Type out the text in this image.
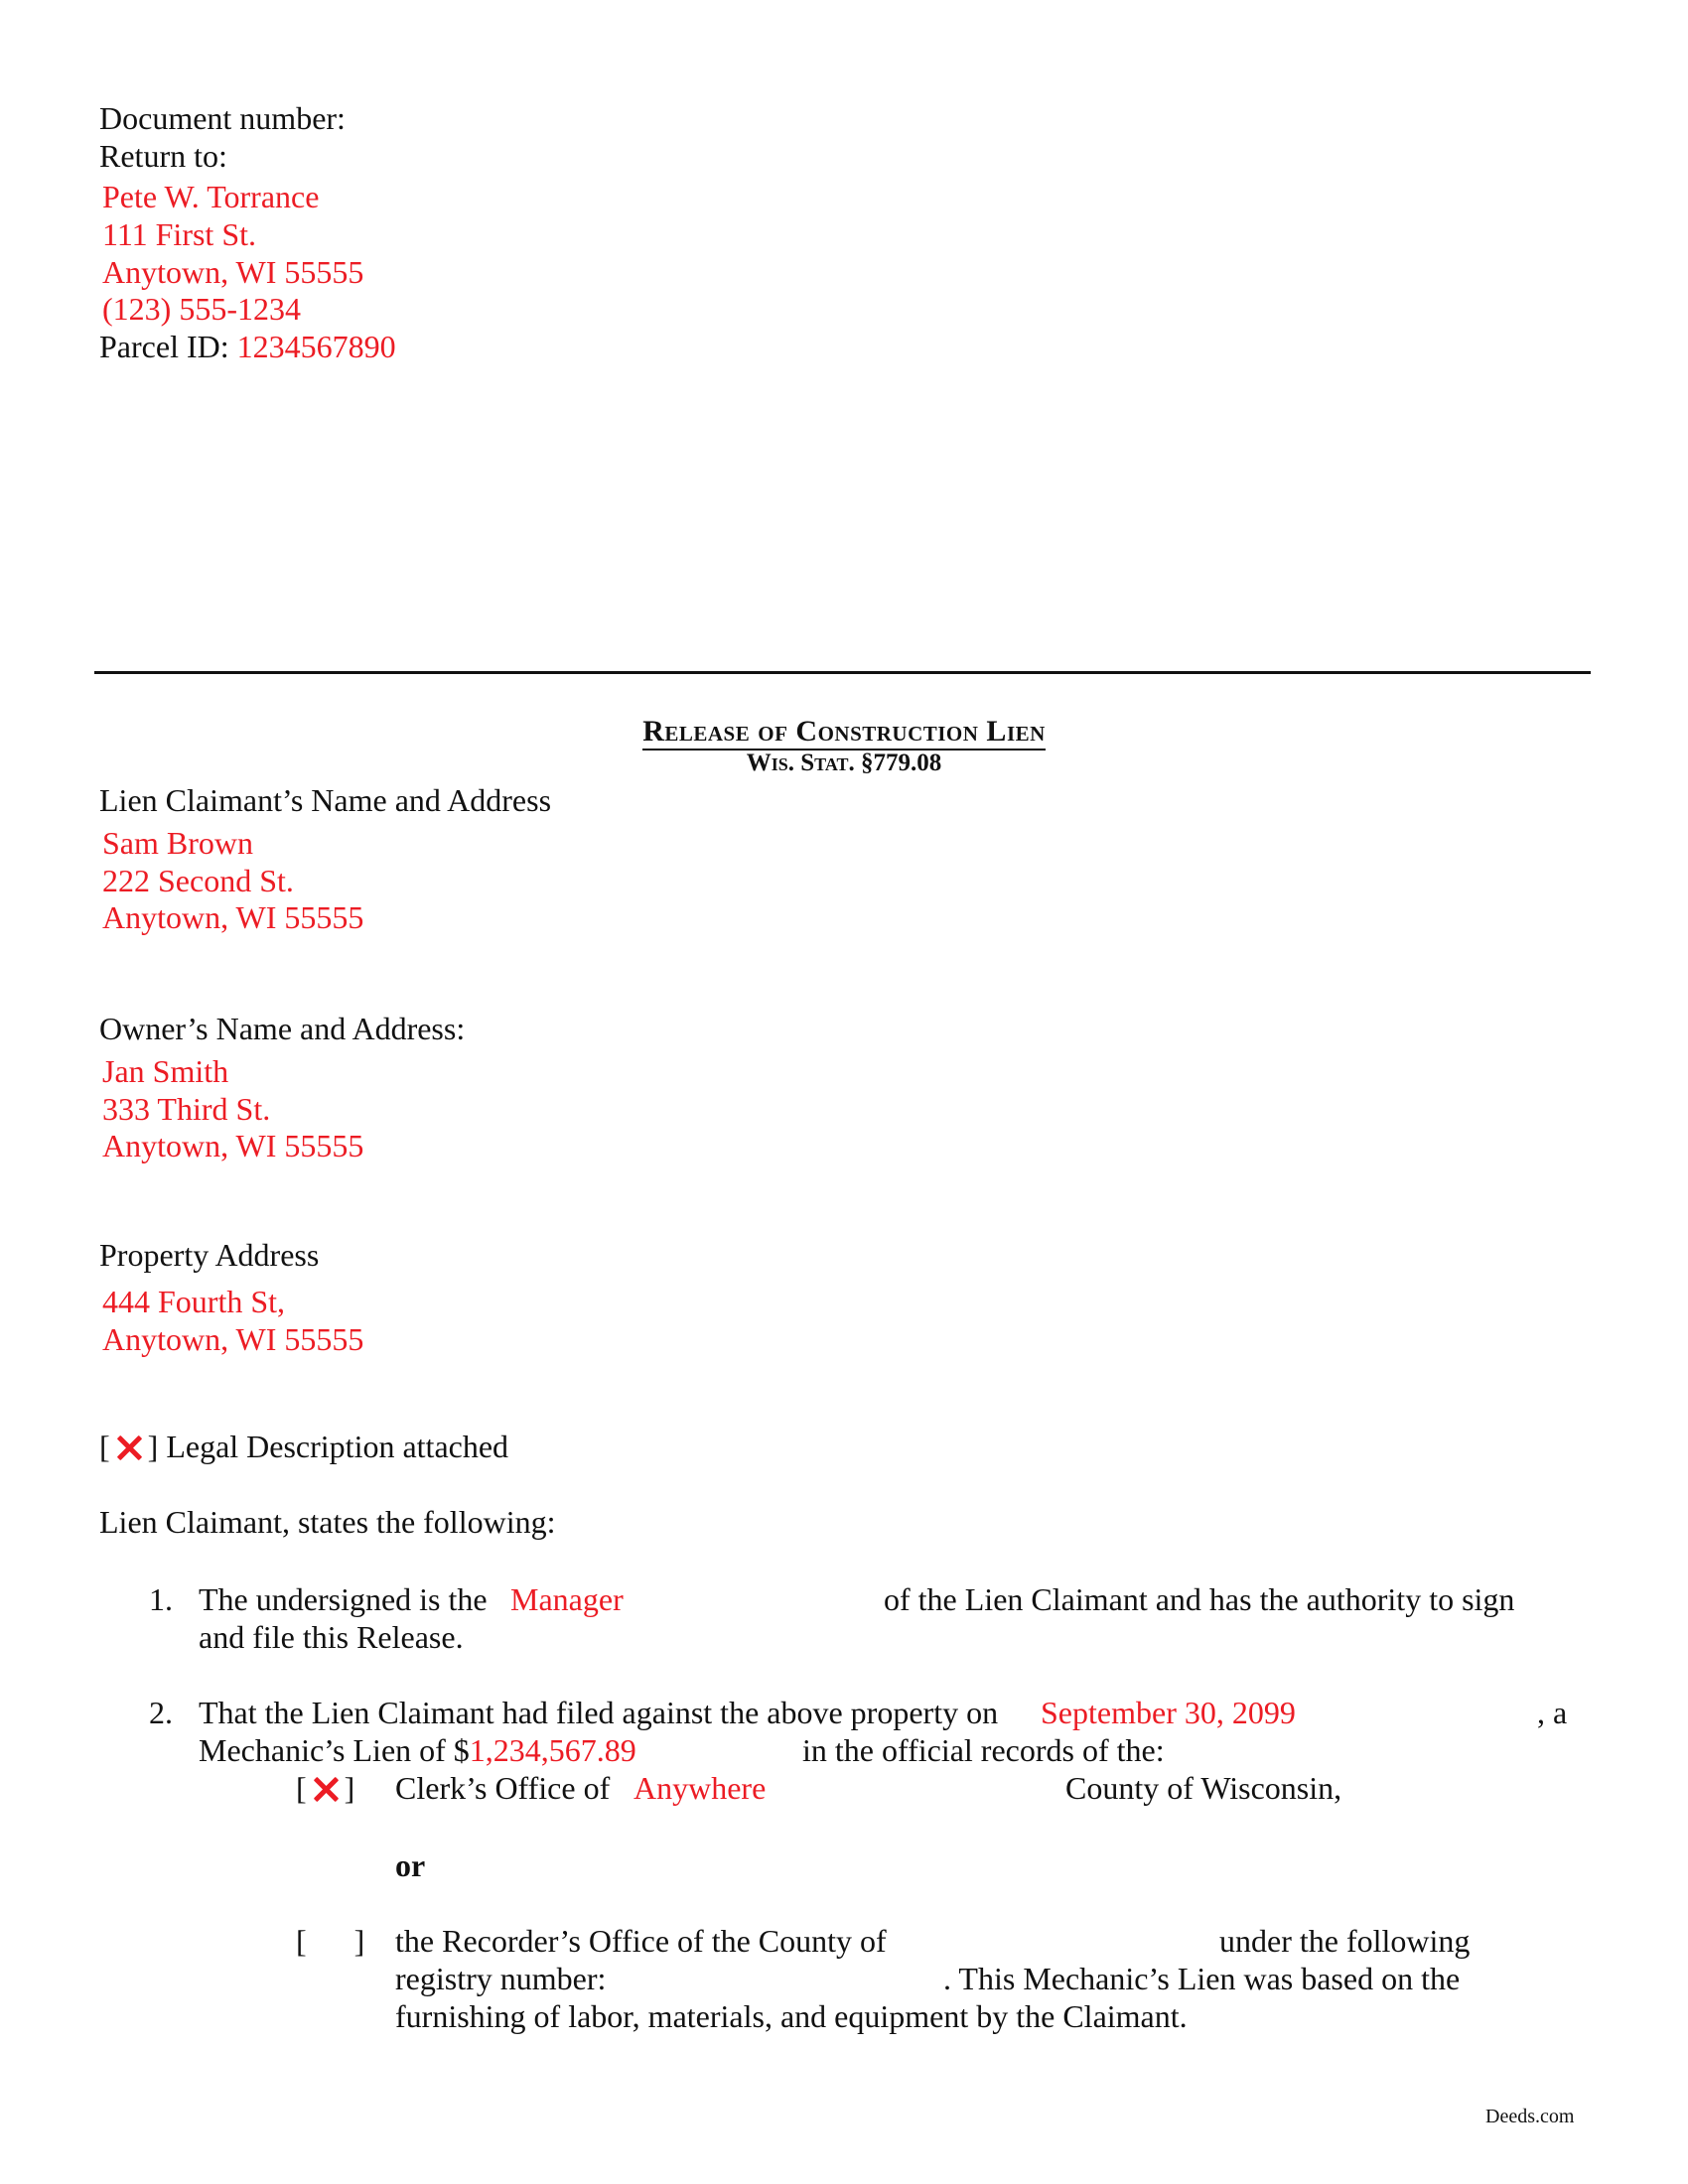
Document number:
Return to:
Pete W. Torrance
111 First St.
Anytown, WI 55555
(123) 555-1234
Parcel ID: 1234567890
Release of Construction Lien
Wis. Stat. §779.08
Lien Claimant’s Name and Address
Sam Brown
222 Second St.
Anytown, WI 55555
Owner’s Name and Address:
Jan Smith
333 Third St.
Anytown, WI 55555
Property Address
444 Fourth St,
Anytown, WI 55555
[ ] Legal Description attached
Lien Claimant, states the following:
1. The undersigned is the Manager	of the Lien Claimant and has the authority to sign
and file this Release.
2. That the Lien Claimant had filed against the above property on September 30, 2099	, a
Mechanic’s Lien of $1,234,567.89	in the official records of the:
[ ] Clerk’s Office of Anywhere	County of Wisconsin,
or
[      ] the Recorder’s Office of the County of	under the following
registry number:	. This Mechanic’s Lien was based on the
furnishing of labor, materials, and equipment by the Claimant.
Deeds.com
